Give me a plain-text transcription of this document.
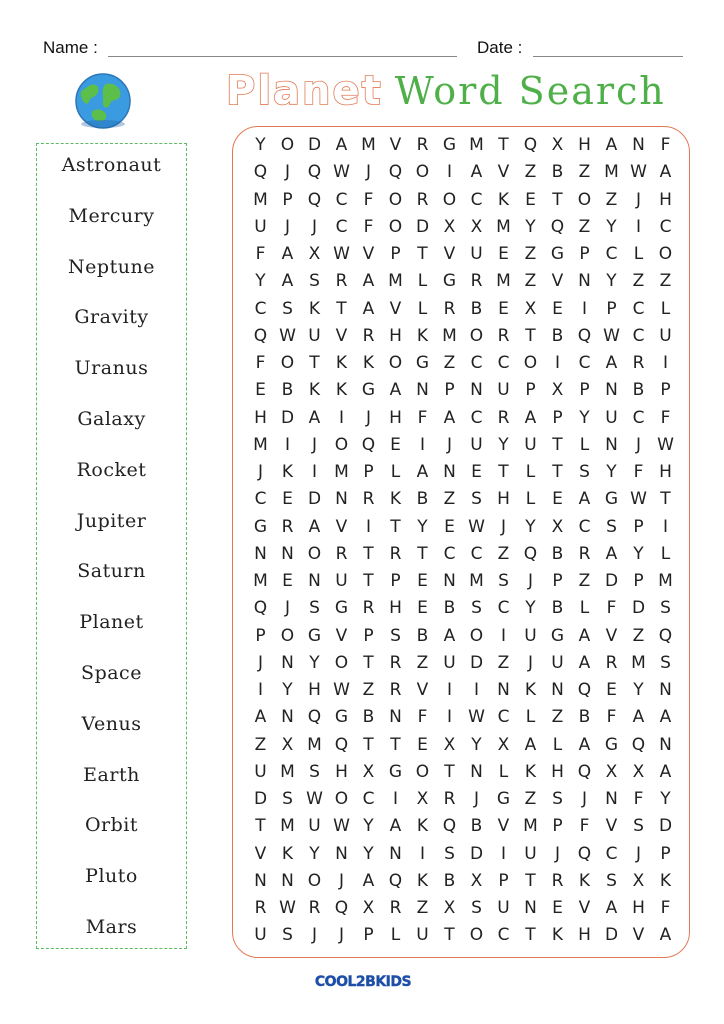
Name :	Date :
Planet Word Search
Astronaut
Mercury
Neptune
Gravity
Uranus
Galaxy
Rocket
Jupiter
Saturn
Planet
Space
Venus
Earth
Orbit
Pluto
Mars
Y O D A M V R G M T Q X H A N F
Q	J	Q W J	Q O	I	A V Z B Z M W A
M P Q C F O R O C K E T O Z	J	H
U	J	J	C F O D X X M Y Q Z Y	I	C
F A X W V P T V U E Z G P C L O
Y A S R A M L G R M Z V N Y Z Z
C S K T A V L R B E X E	I	P C L
Q W U V R H K M O R T B Q W C U
F O T K K O G Z C C O	I	C A R	I
E B K K G A N P N U P X P N B P
H D A	I	J	H F A C R A P Y U C F
M	I	J	O Q E	I	J	U Y U T	L N	J W
J	K	I	M P	L A N E T	L	T S Y F H
C E D N R K B Z S H L E A G W T
G R A V	I	T Y E W J	Y X C S P	I
N N O R T R T C C Z Q B R A Y	L
M E N U T P E N M S	J	P Z D P M
Q	J	S G R H E B S C Y B L	F D S
P O G V P S B A O	I	U G A V Z Q
J	N Y O T R Z U D Z	J	U A R M S
I	Y H W Z R V	I	I	N K N Q E Y N
A N Q G B N F	I W C L Z B F A A
Z X M Q T T E X Y X A L A G Q N
U M S H X G O T N L K H Q X X A
D S W O C	I	X R	J	G Z S	J	N F Y
T M U W Y A K Q B V M P F V S D
V K Y N Y N	I	S D	I	U	J	Q C	J	P
N N O	J	A Q K B X P T R K S X K
R W R Q X R Z X S U N E V A H F
U S	J	J	P	L U T O C T K H D V A
COOL2BKIDS
